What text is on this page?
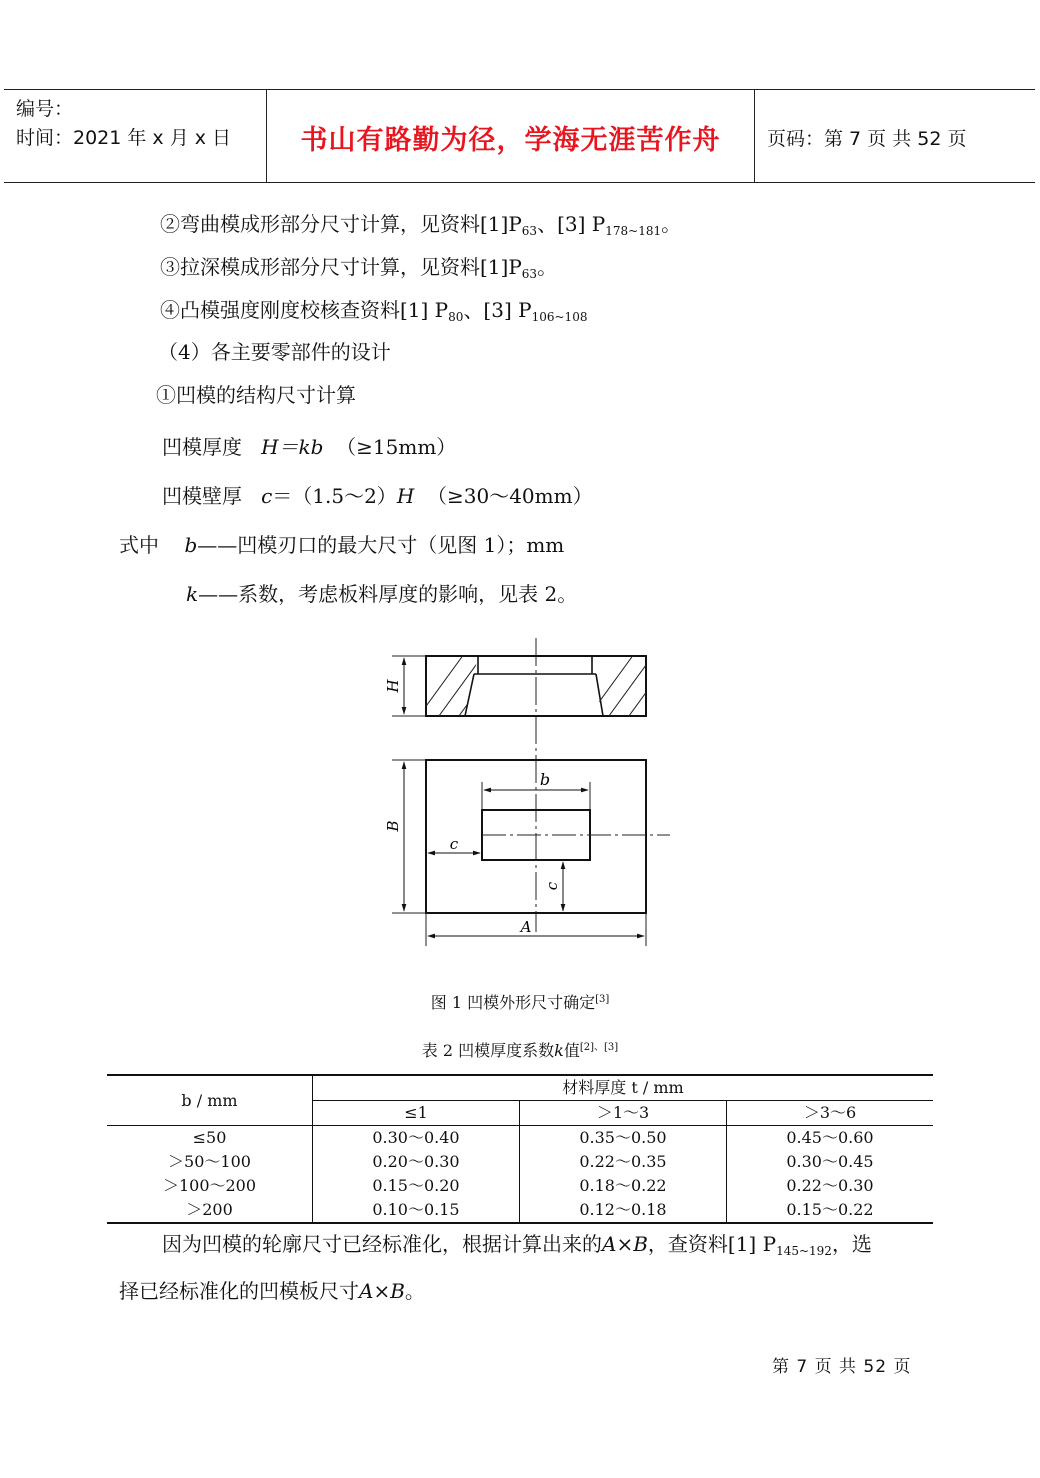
编号：
时间：2021 年 x 月 x 日	书山有路勤为径，学海无涯苦作舟	页码：第 7 页 共 52 页
②弯曲模成形部分尺寸计算，见资料$[1]P_{63}$、[3] $P_{178\sim 181}$。
③拉深模成形部分尺寸计算，见资料$[1]P_{63}$。
④凸模强度刚度校核查资料[1] $P_{80}$、[3] $P_{106\sim 108}$
（4）各主要零部件的设计
①凹模的结构尺寸计算
凹模厚度 H＝kb （≥15mm）
凹模壁厚 c＝（1.5～2）H （≥30～40mm）
式中 b——凹模刃口的最大尺寸（见图 1）；mm
k——系数，考虑板料厚度的影响，见表 2。
H
B
b
c
c
A
图 1 凹模外形尺寸确定[3]
表 2 凹模厚度系数k值[2]、[3]
b / mm	材料厚度 t / mm		
	≤1	＞1～3	＞3～6
≤50	0.30～0.40	0.35～0.50	0.45～0.60
＞50～100	0.20～0.30	0.22～0.35	0.30～0.45
＞100～200	0.15～0.20	0.18～0.22	0.22～0.30
＞200	0.10～0.15	0.12～0.18	0.15～0.22
因为凹模的轮廓尺寸已经标准化，根据计算出来的A×B，查资料[1] $P_{145\sim 192}$，选
择已经标准化的凹模板尺寸A×B。
第 7 页 共 52 页
